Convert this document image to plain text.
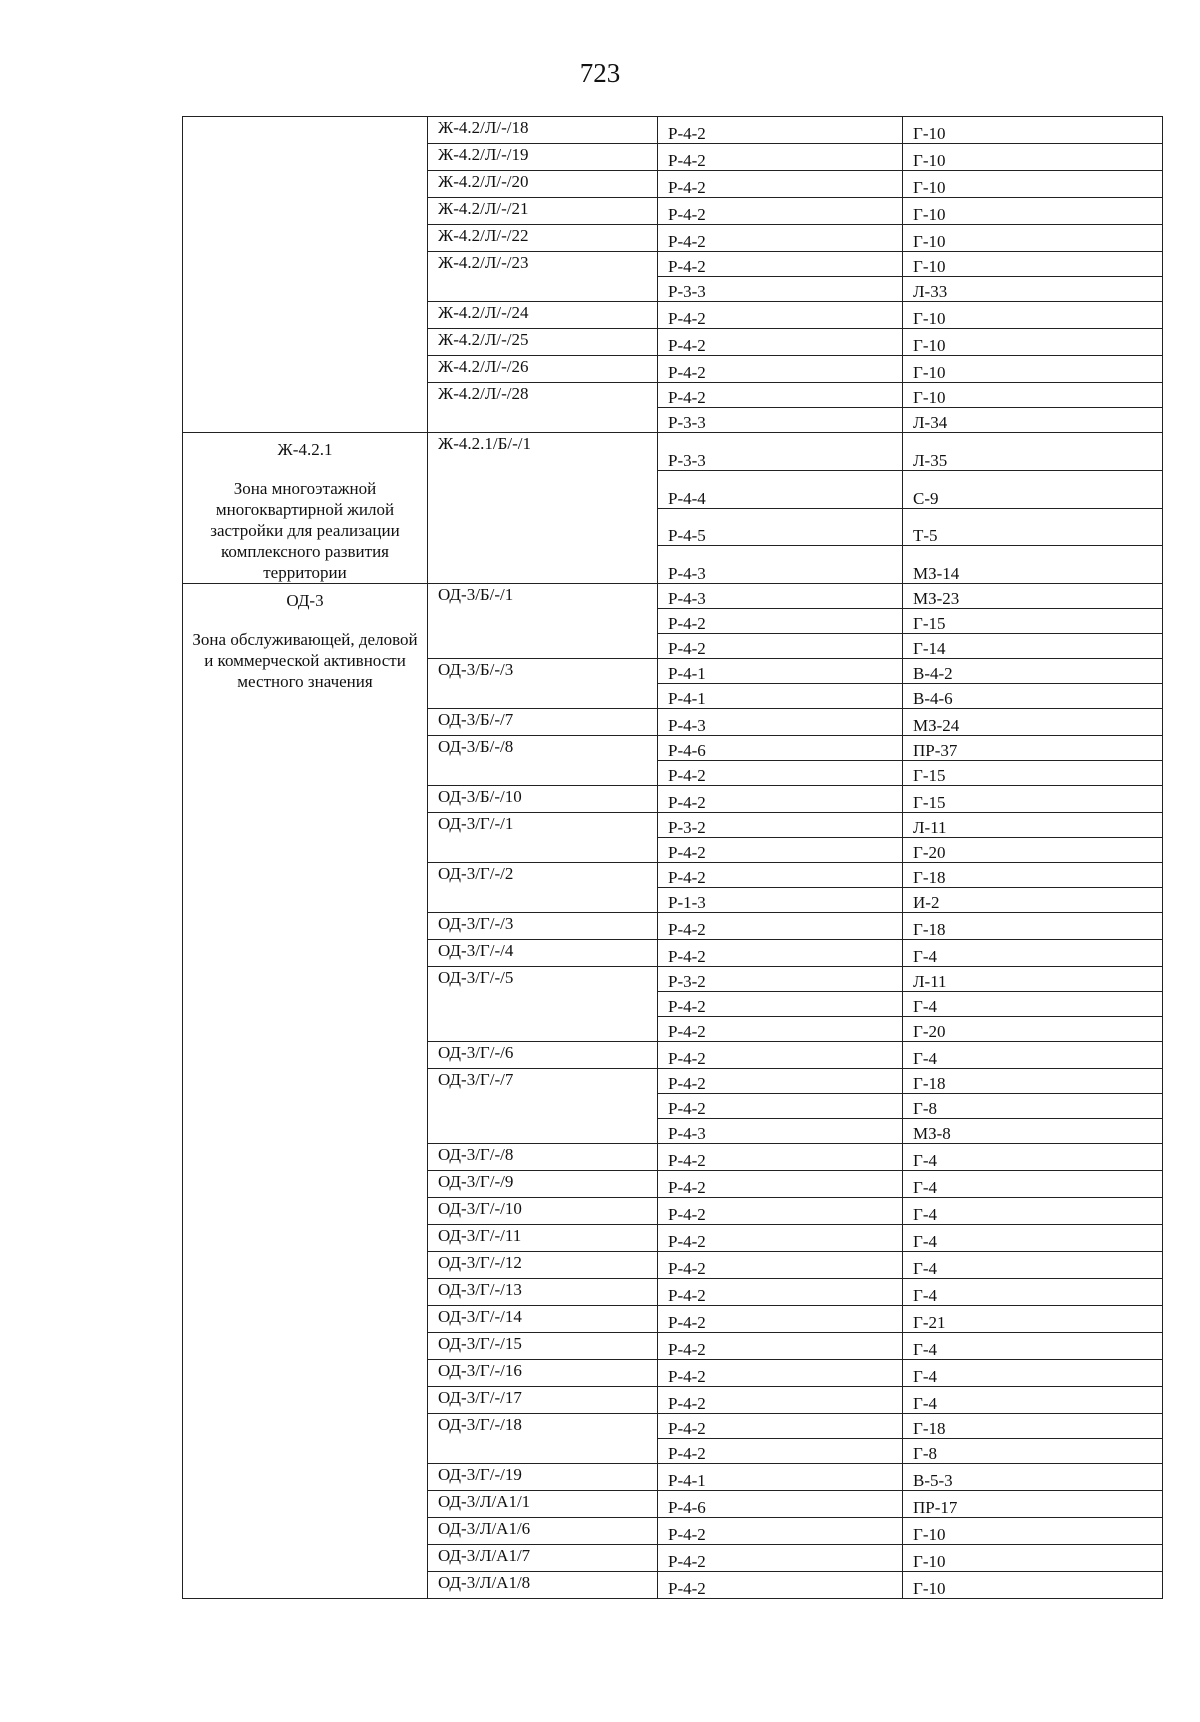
723
	Ж-4.2/Л/-/18	Р-4-2	Г-10
	Ж-4.2/Л/-/19	Р-4-2	Г-10
	Ж-4.2/Л/-/20	Р-4-2	Г-10
	Ж-4.2/Л/-/21	Р-4-2	Г-10
	Ж-4.2/Л/-/22	Р-4-2	Г-10
	Ж-4.2/Л/-/23	Р-4-2	Г-10
		Р-3-3	Л-33
	Ж-4.2/Л/-/24	Р-4-2	Г-10
	Ж-4.2/Л/-/25	Р-4-2	Г-10
	Ж-4.2/Л/-/26	Р-4-2	Г-10
	Ж-4.2/Л/-/28	Р-4-2	Г-10
		Р-3-3	Л-34

Ж-4.2.1
Зона многоэтажной многоквартирной жилой застройки для реализации комплексного развития территории	Ж-4.2.1/Б/-/1	Р-3-3	Л-35
		Р-4-4	С-9
		Р-4-5	Т-5
		Р-4-3	МЗ-14

ОД-3
Зона обслуживающей, деловой и коммерческой активности местного значения	ОД-3/Б/-/1	Р-4-3	МЗ-23
		Р-4-2	Г-15
		Р-4-2	Г-14
	ОД-3/Б/-/3	Р-4-1	В-4-2
		Р-4-1	В-4-6
	ОД-3/Б/-/7	Р-4-3	МЗ-24
	ОД-3/Б/-/8	Р-4-6	ПР-37
		Р-4-2	Г-15
	ОД-3/Б/-/10	Р-4-2	Г-15
	ОД-3/Г/-/1	Р-3-2	Л-11
		Р-4-2	Г-20
	ОД-3/Г/-/2	Р-4-2	Г-18
		Р-1-3	И-2
	ОД-3/Г/-/3	Р-4-2	Г-18
	ОД-3/Г/-/4	Р-4-2	Г-4
	ОД-3/Г/-/5	Р-3-2	Л-11
		Р-4-2	Г-4
		Р-4-2	Г-20
	ОД-3/Г/-/6	Р-4-2	Г-4
	ОД-3/Г/-/7	Р-4-2	Г-18
		Р-4-2	Г-8
		Р-4-3	МЗ-8
	ОД-3/Г/-/8	Р-4-2	Г-4
	ОД-3/Г/-/9	Р-4-2	Г-4
	ОД-3/Г/-/10	Р-4-2	Г-4
	ОД-3/Г/-/11	Р-4-2	Г-4
	ОД-3/Г/-/12	Р-4-2	Г-4
	ОД-3/Г/-/13	Р-4-2	Г-4
	ОД-3/Г/-/14	Р-4-2	Г-21
	ОД-3/Г/-/15	Р-4-2	Г-4
	ОД-3/Г/-/16	Р-4-2	Г-4
	ОД-3/Г/-/17	Р-4-2	Г-4
	ОД-3/Г/-/18	Р-4-2	Г-18
		Р-4-2	Г-8
	ОД-3/Г/-/19	Р-4-1	В-5-3
	ОД-3/Л/А1/1	Р-4-6	ПР-17
	ОД-3/Л/А1/6	Р-4-2	Г-10
	ОД-3/Л/А1/7	Р-4-2	Г-10
	ОД-3/Л/А1/8	Р-4-2	Г-10
